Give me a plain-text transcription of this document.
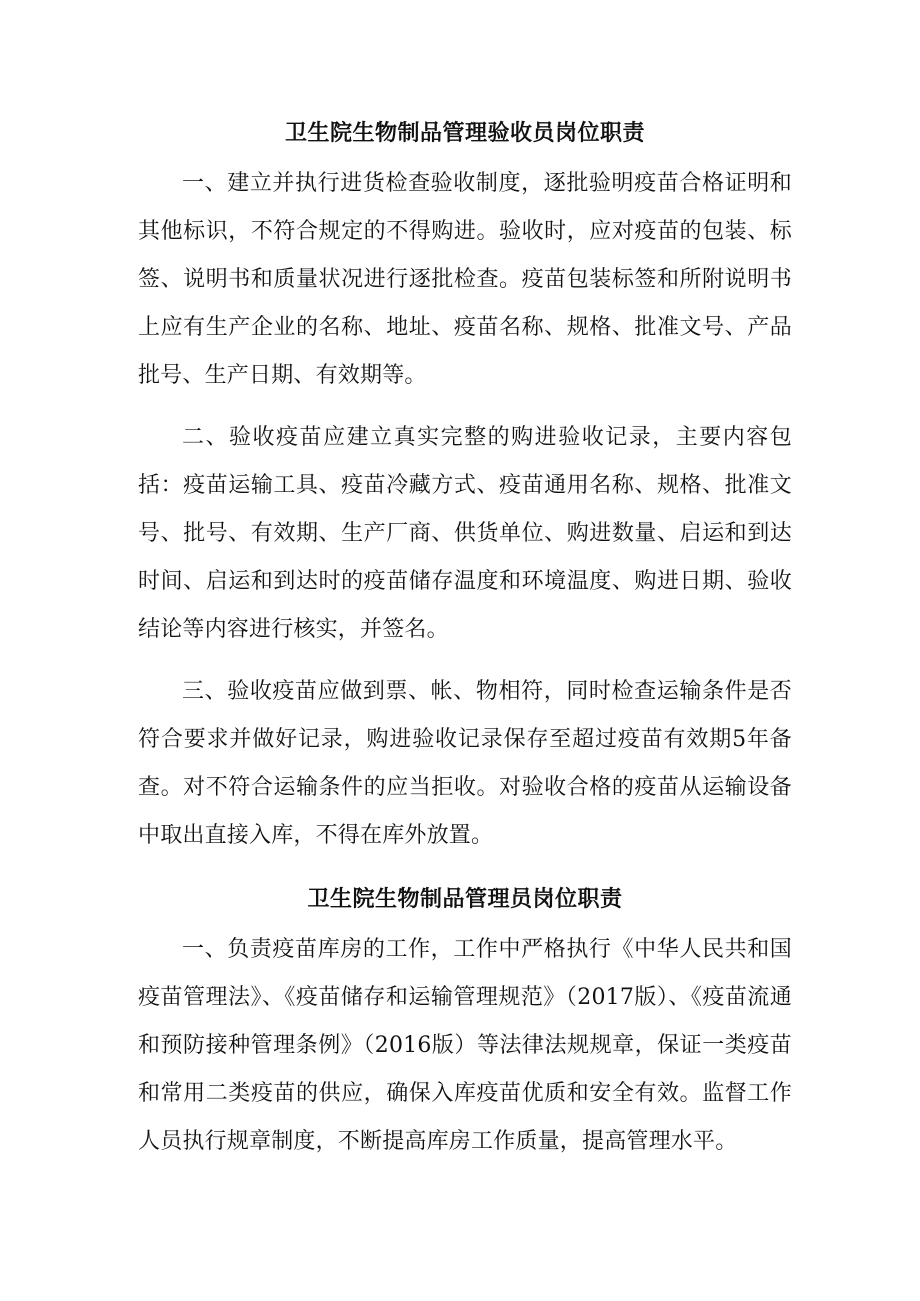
卫生院生物制品管理验收员岗位职责

一、建立并执行进货检查验收制度，逐批验明疫苗合格证明和其他标识，不符合规定的不得购进。验收时，应对疫苗的包装、标签、说明书和质量状况进行逐批检查。疫苗包装标签和所附说明书上应有生产企业的名称、地址、疫苗名称、规格、批准文号、产品批号、生产日期、有效期等。

二、验收疫苗应建立真实完整的购进验收记录，主要内容包括：疫苗运输工具、疫苗冷藏方式、疫苗通用名称、规格、批准文号、批号、有效期、生产厂商、供货单位、购进数量、启运和到达时间、启运和到达时的疫苗储存温度和环境温度、购进日期、验收结论等内容进行核实，并签名。

三、验收疫苗应做到票、帐、物相符，同时检查运输条件是否符合要求并做好记录，购进验收记录保存至超过疫苗有效期5年备查。对不符合运输条件的应当拒收。对验收合格的疫苗从运输设备中取出直接入库，不得在库外放置。

卫生院生物制品管理员岗位职责

一、负责疫苗库房的工作，工作中严格执行《中华人民共和国疫苗管理法》、《疫苗储存和运输管理规范》（2017版）、《疫苗流通和预防接种管理条例》（2016版）等法律法规规章，保证一类疫苗和常用二类疫苗的供应，确保入库疫苗优质和安全有效。监督工作人员执行规章制度，不断提高库房工作质量，提高管理水平。
